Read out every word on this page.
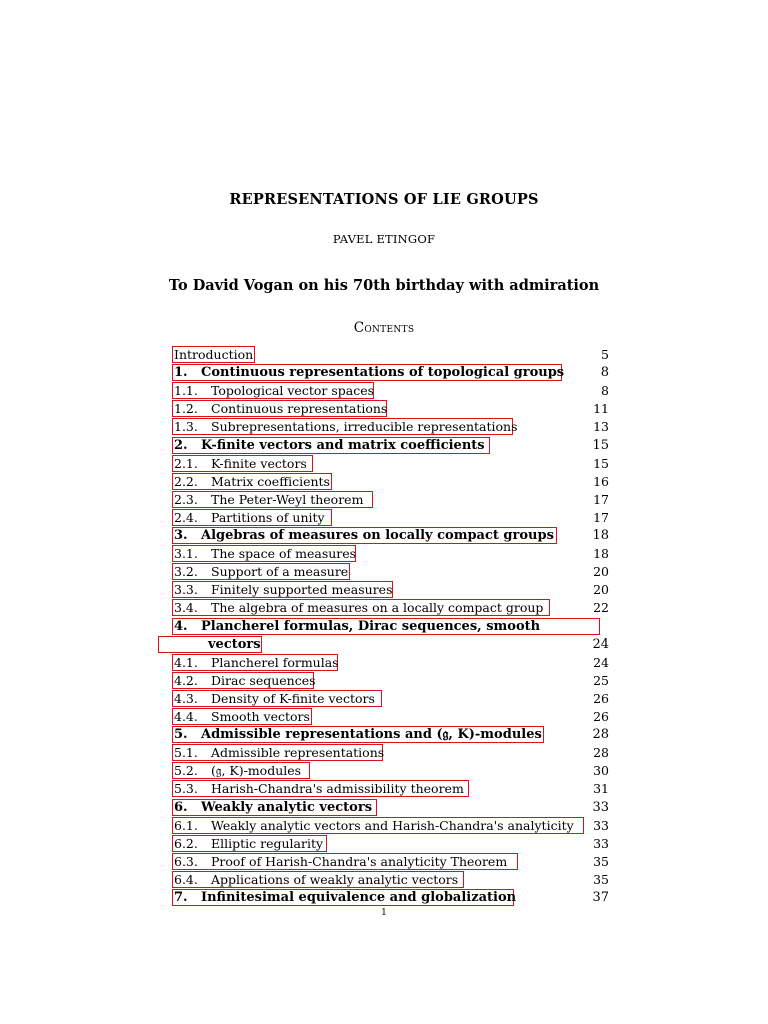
REPRESENTATIONS OF LIE GROUPS
PAVEL ETINGOF
To David Vogan on his 70th birthday with admiration
Contents
Introduction	5
1. Continuous representations of topological groups	8
1.1. Topological vector spaces	8
1.2. Continuous representations	11
1.3. Subrepresentations, irreducible representations	13
2. K-finite vectors and matrix coefficients	15
2.1. K-finite vectors	15
2.2. Matrix coefficients	16
2.3. The Peter-Weyl theorem	17
2.4. Partitions of unity	17
3. Algebras of measures on locally compact groups	18
3.1. The space of measures	18
3.2. Support of a measure	20
3.3. Finitely supported measures	20
3.4. The algebra of measures on a locally compact group	22
4. Plancherel formulas, Dirac sequences, smooth
vectors	24
4.1. Plancherel formulas	24
4.2. Dirac sequences	25
4.3. Density of K-finite vectors	26
4.4. Smooth vectors	26
5. Admissible representations and (𝔤, K)-modules	28
5.1. Admissible representations	28
5.2. (𝔤, K)-modules	30
5.3. Harish-Chandra's admissibility theorem	31
6. Weakly analytic vectors	33
6.1. Weakly analytic vectors and Harish-Chandra's analyticity 33
6.2. Elliptic regularity	33
6.3. Proof of Harish-Chandra's analyticity Theorem	35
6.4. Applications of weakly analytic vectors	35
7. Infinitesimal equivalence and globalization	37
1
